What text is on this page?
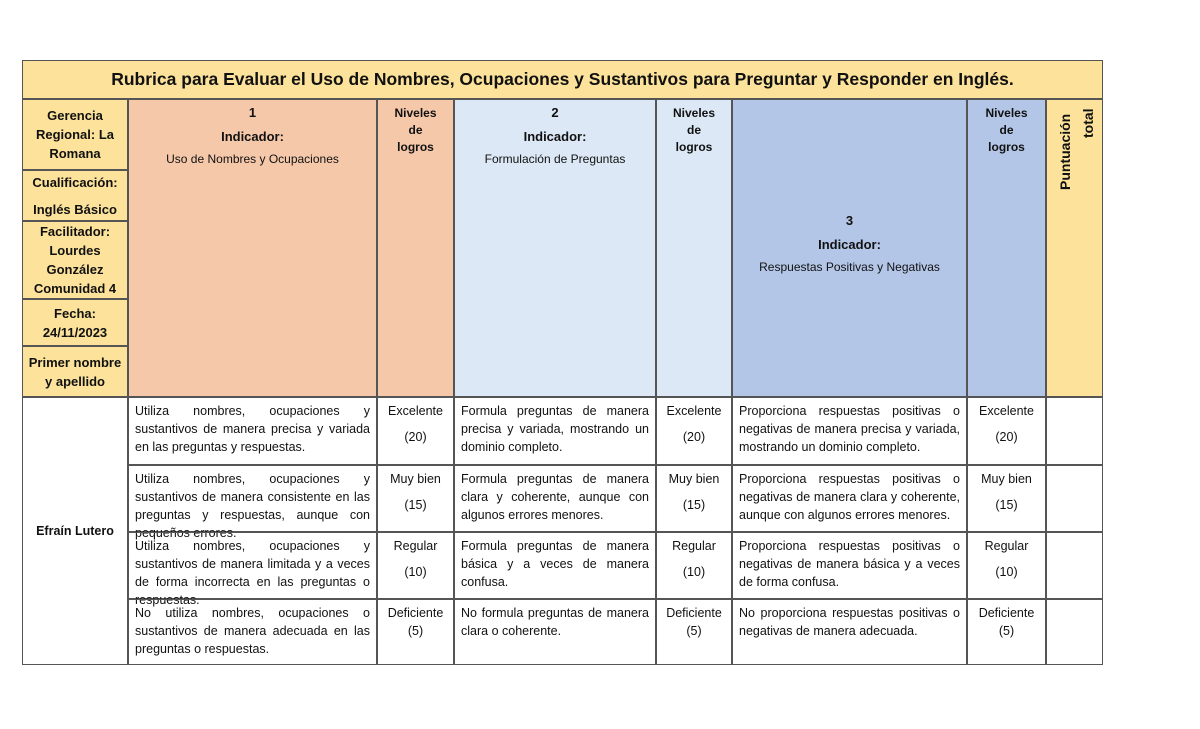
Rubrica para Evaluar el Uso de Nombres, Ocupaciones y Sustantivos para Preguntar y Responder en Inglés.
Gerencia Regional: La Romana
Cualificación:
Inglés Básico
Facilitador: Lourdes González Comunidad 4
Fecha: 24/11/2023
Primer nombre y apellido
1
Indicador:
Uso de Nombres y Ocupaciones
Niveles de logros
2
Indicador:
Formulación de Preguntas
Niveles de logros
3
Indicador:
Respuestas Positivas y Negativas
Niveles de logros	Puntuación total
Efraín Lutero
Utiliza nombres, ocupaciones y sustantivos de manera precisa y variada en las preguntas y respuestas.
Excelente
(20)
Formula preguntas de manera precisa y variada, mostrando un dominio completo.
Excelente
(20)
Proporciona respuestas positivas o negativas de manera precisa y variada, mostrando un dominio completo.
Excelente
(20)
Utiliza nombres, ocupaciones y sustantivos de manera consistente en las preguntas y respuestas, aunque con pequeños errores.
Muy bien
(15)
Formula preguntas de manera clara y coherente, aunque con algunos errores menores.
Muy bien
(15)
Proporciona respuestas positivas o negativas de manera clara y coherente, aunque con algunos errores menores.
Muy bien
(15)
Utiliza nombres, ocupaciones y sustantivos de manera limitada y a veces de forma incorrecta en las preguntas o respuestas.
Regular
(10)
Formula preguntas de manera básica y a veces de manera confusa.
Regular
(10)
Proporciona respuestas positivas o negativas de manera básica y a veces de forma confusa.
Regular
(10)
No utiliza nombres, ocupaciones o sustantivos de manera adecuada en las preguntas o respuestas.
Deficiente
(5)
No formula preguntas de manera clara o coherente.
Deficiente
(5)
No proporciona respuestas positivas o negativas de manera adecuada.
Deficiente
(5)
